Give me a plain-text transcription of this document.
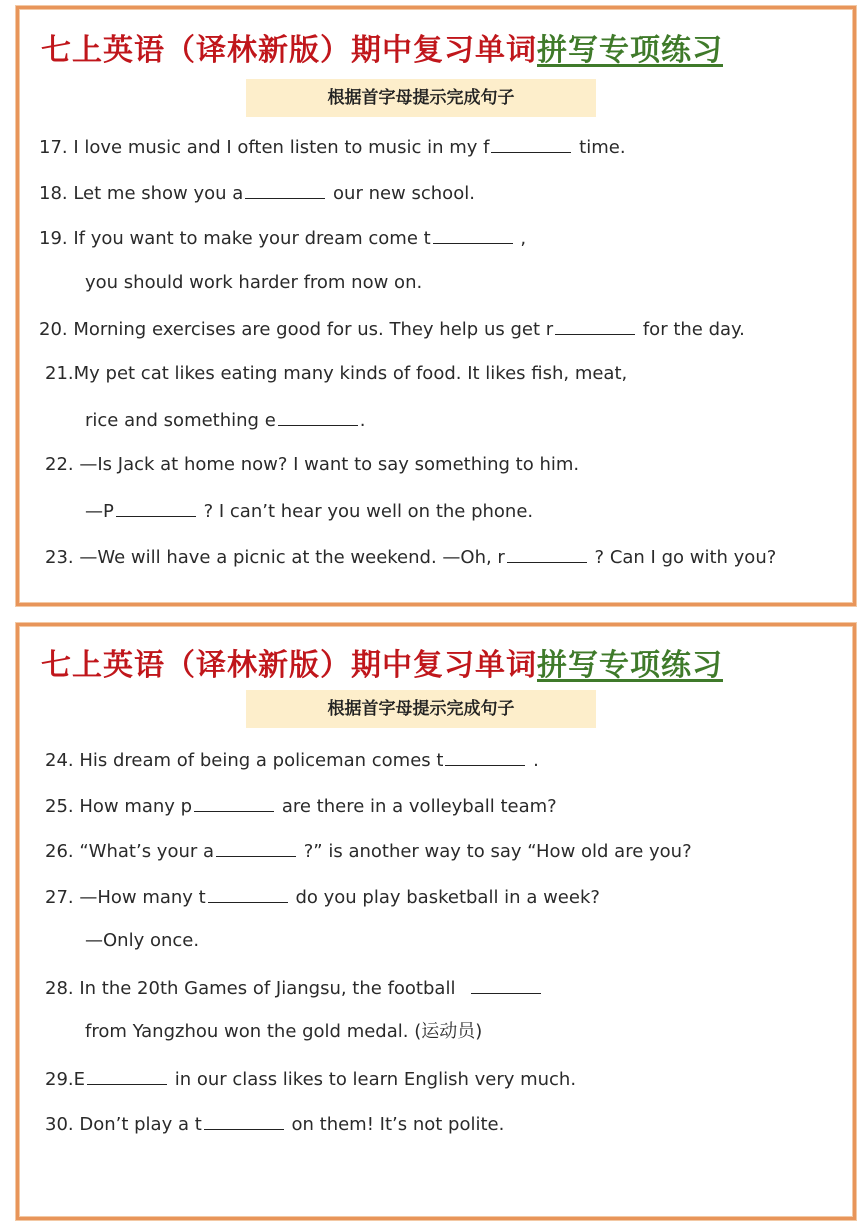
七上英语（译林新版）期中复习单词拼写专项练习
根据首字母提示完成句子
17. I love music and I often listen to music in my f	time.
18. Let me show you a	our new school.
19. If you want to make your dream come t	,
you should work harder from now on.
20. Morning exercises are good for us. They help us get r	for the day.
21.My pet cat likes eating many kinds of food. It likes fish, meat,
rice and something e	.
22. —Is Jack at home now? I want to say something to him.
—P	? I can’t hear you well on the phone.
23. —We will have a picnic at the weekend. —Oh, r	? Can I go with you?
七上英语（译林新版）期中复习单词拼写专项练习
根据首字母提示完成句子
24. His dream of being a policeman comes t	.
25. How many p	are there in a volleyball team?
26. “What’s your a	?” is another way to say “How old are you?
27. —How many t	do you play basketball in a week?
—Only once.
28. In the 20th Games of Jiangsu, the football
from Yangzhou won the gold medal. (运动员)
29.E	in our class likes to learn English very much.
30. Don’t play a t	on them! It’s not polite.
